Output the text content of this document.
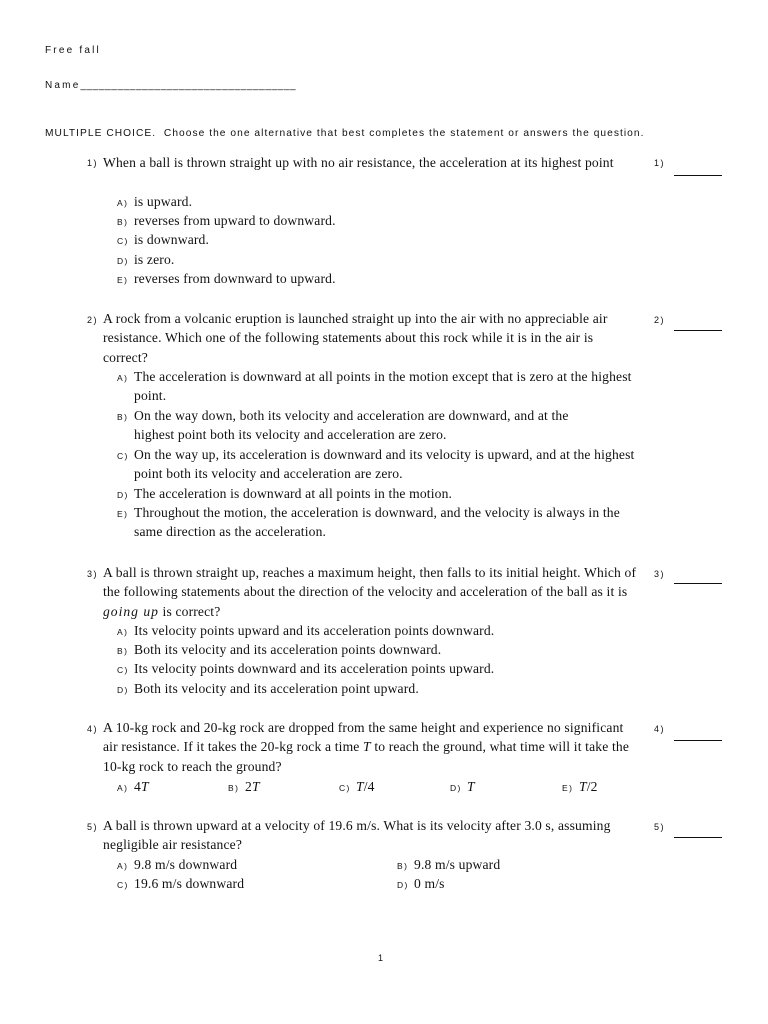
Free fall
Name___________________________________
MULTIPLE CHOICE. Choose the one alternative that best completes the statement or answers the question.
1) When a ball is thrown straight up with no air resistance, the acceleration at its highest point
A) is upward.
B) reverses from upward to downward.
C) is downward.
D) is zero.
E) reverses from downward to upward.
1)
2) A rock from a volcanic eruption is launched straight up into the air with no appreciable air resistance. Which one of the following statements about this rock while it is in the air is correct?
A) The acceleration is downward at all points in the motion except that is zero at the highest point.
B) On the way down, both its velocity and acceleration are downward, and at the highest point both its velocity and acceleration are zero.
C) On the way up, its acceleration is downward and its velocity is upward, and at the highest point both its velocity and acceleration are zero.
D) The acceleration is downward at all points in the motion.
E) Throughout the motion, the acceleration is downward, and the velocity is always in the same direction as the acceleration.
2)
3) A ball is thrown straight up, reaches a maximum height, then falls to its initial height. Which of the following statements about the direction of the velocity and acceleration of the ball as it is going up is correct?
A) Its velocity points upward and its acceleration points downward.
B) Both its velocity and its acceleration points downward.
C) Its velocity points downward and its acceleration points upward.
D) Both its velocity and its acceleration point upward.
3)
4) A 10-kg rock and 20-kg rock are dropped from the same height and experience no significant air resistance. If it takes the 20-kg rock a time T to reach the ground, what time will it take the 10-kg rock to reach the ground?
A) 4T	B) 2T	C) T/4	D) T	E) T/2
4)
5) A ball is thrown upward at a velocity of 19.6 m/s. What is its velocity after 3.0 s, assuming negligible air resistance?
A) 9.8 m/s downward	B) 9.8 m/s upward
C) 19.6 m/s downward	D) 0 m/s
5)
1
